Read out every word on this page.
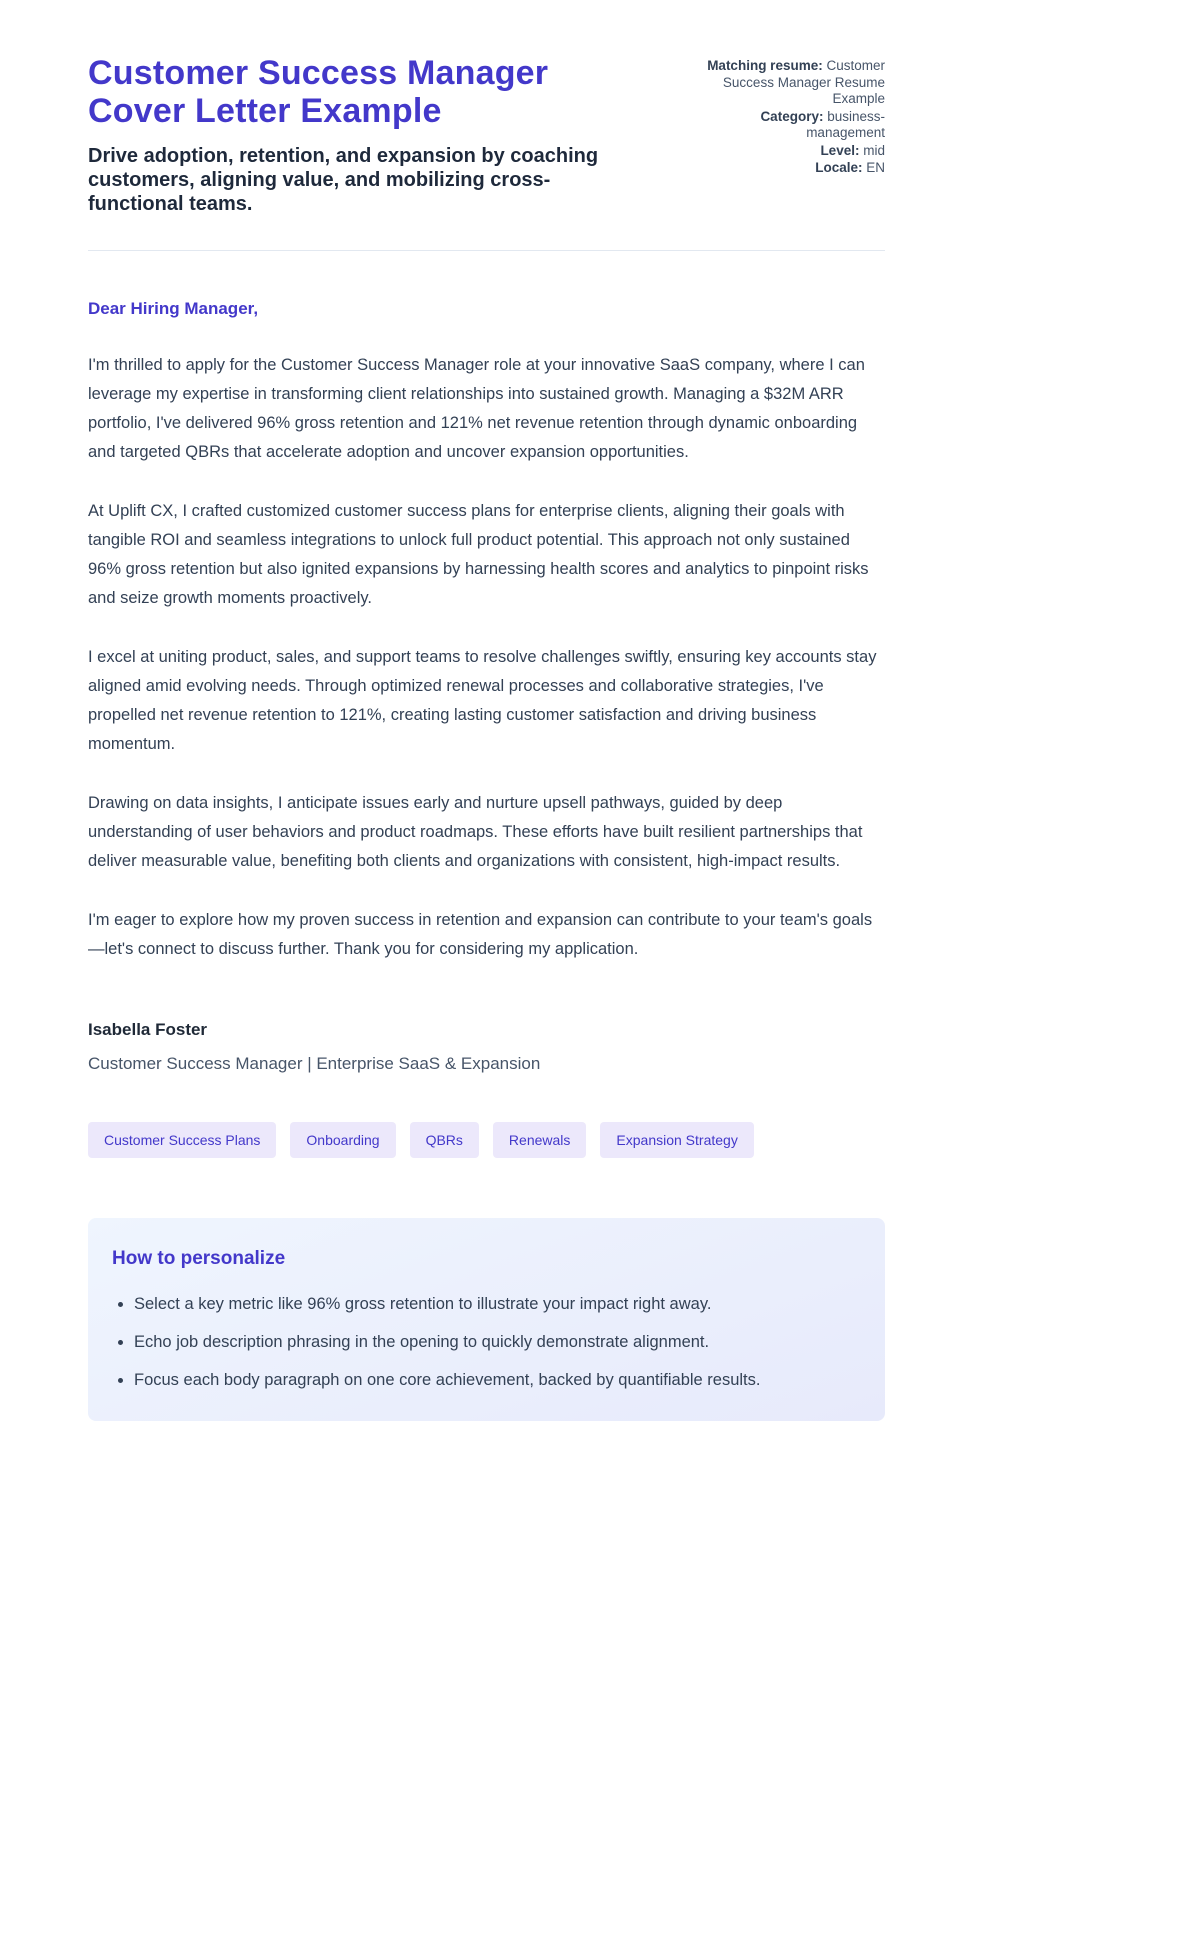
Customer Success Manager Cover Letter Example

Drive adoption, retention, and expansion by coaching customers, aligning value, and mobilizing cross-functional teams.

Matching resume: Customer Success Manager Resume Example

Category: business-management

Level: mid

Locale: EN

Dear Hiring Manager,

I'm thrilled to apply for the Customer Success Manager role at your innovative SaaS company, where I can leverage my expertise in transforming client relationships into sustained growth. Managing a $32M ARR portfolio, I've delivered 96% gross retention and 121% net revenue retention through dynamic onboarding and targeted QBRs that accelerate adoption and uncover expansion opportunities.

At Uplift CX, I crafted customized customer success plans for enterprise clients, aligning their goals with tangible ROI and seamless integrations to unlock full product potential. This approach not only sustained 96% gross retention but also ignited expansions by harnessing health scores and analytics to pinpoint risks and seize growth moments proactively.

I excel at uniting product, sales, and support teams to resolve challenges swiftly, ensuring key accounts stay aligned amid evolving needs. Through optimized renewal processes and collaborative strategies, I've propelled net revenue retention to 121%, creating lasting customer satisfaction and driving business momentum.

Drawing on data insights, I anticipate issues early and nurture upsell pathways, guided by deep understanding of user behaviors and product roadmaps. These efforts have built resilient partnerships that deliver measurable value, benefiting both clients and organizations with consistent, high-impact results.

I'm eager to explore how my proven success in retention and expansion can contribute to your team's goals—let's connect to discuss further. Thank you for considering my application.

Isabella Foster

Customer Success Manager | Enterprise SaaS & Expansion

Customer Success Plans	Onboarding	QBRs	Renewals	Expansion Strategy
How to personalize
• Select a key metric like 96% gross retention to illustrate your impact right away.
• Echo job description phrasing in the opening to quickly demonstrate alignment.
• Focus each body paragraph on one core achievement, backed by quantifiable results.
